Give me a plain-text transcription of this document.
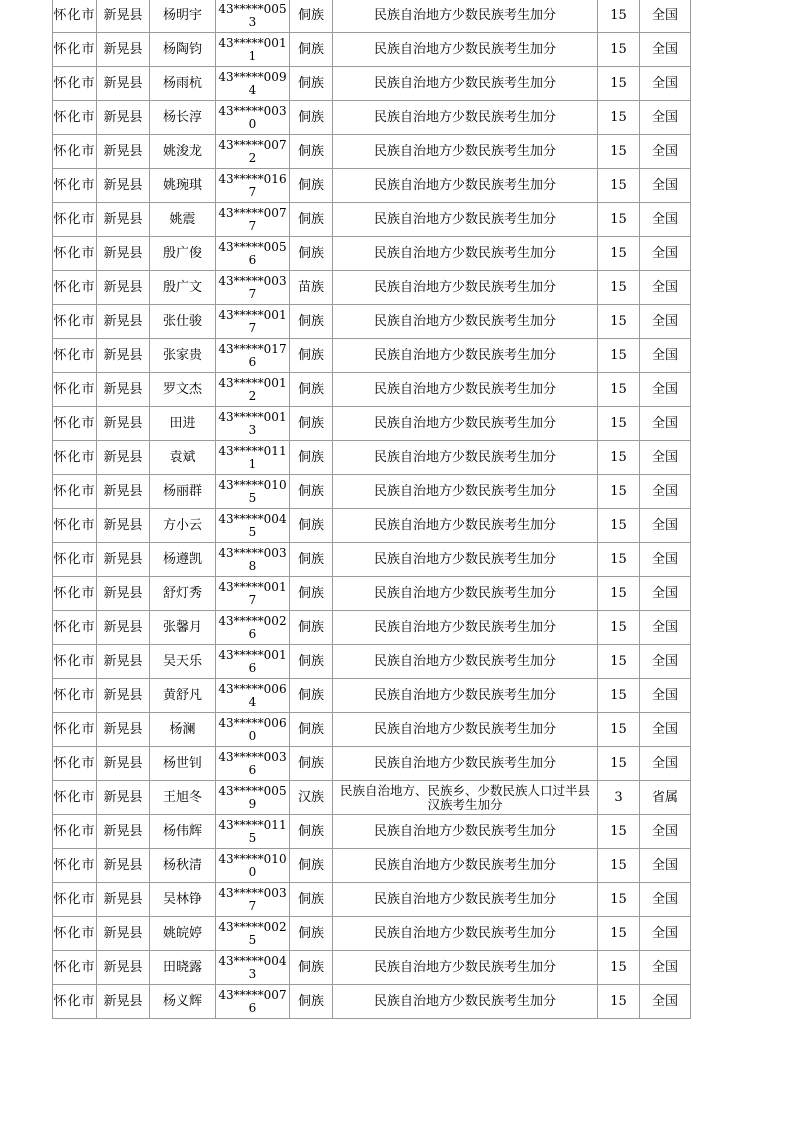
怀化市	新晃县	杨明宇	43*****0053	侗族	民族自治地方少数民族考生加分	15	全国
怀化市	新晃县	杨陶钧	43*****0011	侗族	民族自治地方少数民族考生加分	15	全国
怀化市	新晃县	杨雨杭	43*****0094	侗族	民族自治地方少数民族考生加分	15	全国
怀化市	新晃县	杨长淳	43*****0030	侗族	民族自治地方少数民族考生加分	15	全国
怀化市	新晃县	姚浚龙	43*****0072	侗族	民族自治地方少数民族考生加分	15	全国
怀化市	新晃县	姚琬琪	43*****0167	侗族	民族自治地方少数民族考生加分	15	全国
怀化市	新晃县	姚震	43*****0077	侗族	民族自治地方少数民族考生加分	15	全国
怀化市	新晃县	殷广俊	43*****0056	侗族	民族自治地方少数民族考生加分	15	全国
怀化市	新晃县	殷广文	43*****0037	苗族	民族自治地方少数民族考生加分	15	全国
怀化市	新晃县	张仕骏	43*****0017	侗族	民族自治地方少数民族考生加分	15	全国
怀化市	新晃县	张家贵	43*****0176	侗族	民族自治地方少数民族考生加分	15	全国
怀化市	新晃县	罗文杰	43*****0012	侗族	民族自治地方少数民族考生加分	15	全国
怀化市	新晃县	田进	43*****0013	侗族	民族自治地方少数民族考生加分	15	全国
怀化市	新晃县	袁斌	43*****0111	侗族	民族自治地方少数民族考生加分	15	全国
怀化市	新晃县	杨丽群	43*****0105	侗族	民族自治地方少数民族考生加分	15	全国
怀化市	新晃县	方小云	43*****0045	侗族	民族自治地方少数民族考生加分	15	全国
怀化市	新晃县	杨遵凯	43*****0038	侗族	民族自治地方少数民族考生加分	15	全国
怀化市	新晃县	舒灯秀	43*****0017	侗族	民族自治地方少数民族考生加分	15	全国
怀化市	新晃县	张馨月	43*****0026	侗族	民族自治地方少数民族考生加分	15	全国
怀化市	新晃县	吴天乐	43*****0016	侗族	民族自治地方少数民族考生加分	15	全国
怀化市	新晃县	黄舒凡	43*****0064	侗族	民族自治地方少数民族考生加分	15	全国
怀化市	新晃县	杨澜	43*****0060	侗族	民族自治地方少数民族考生加分	15	全国
怀化市	新晃县	杨世钊	43*****0036	侗族	民族自治地方少数民族考生加分	15	全国
怀化市	新晃县	王旭冬	43*****0059	汉族	民族自治地方、民族乡、少数民族人口过半县汉族考生加分	3	省属
怀化市	新晃县	杨伟辉	43*****0115	侗族	民族自治地方少数民族考生加分	15	全国
怀化市	新晃县	杨秋清	43*****0100	侗族	民族自治地方少数民族考生加分	15	全国
怀化市	新晃县	吴林铮	43*****0037	侗族	民族自治地方少数民族考生加分	15	全国
怀化市	新晃县	姚皖婷	43*****0025	侗族	民族自治地方少数民族考生加分	15	全国
怀化市	新晃县	田晓露	43*****0043	侗族	民族自治地方少数民族考生加分	15	全国
怀化市	新晃县	杨义辉	43*****0076	侗族	民族自治地方少数民族考生加分	15	全国
